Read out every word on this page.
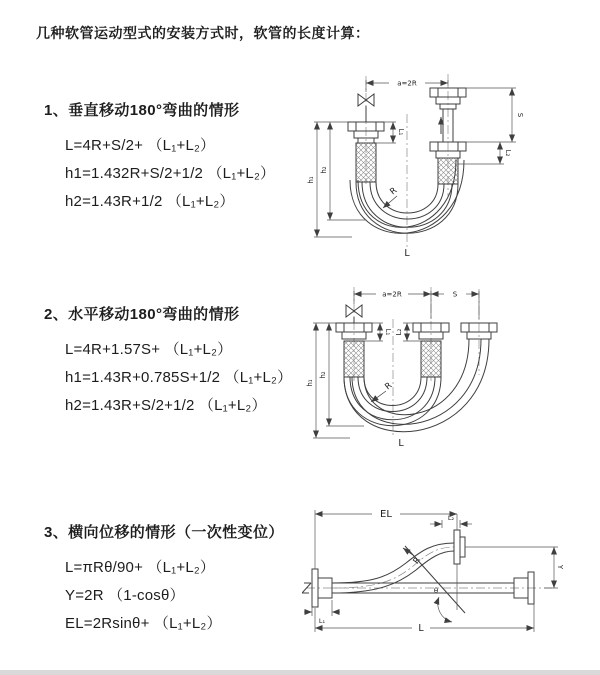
几种软管运动型式的安装方式时，软管的长度计算：
1、垂直移动180°弯曲的情形
L=4R+S/2+ （L₁+L₂）
h1=1.432R+S/2+1/2 （L₁+L₂）
h2=1.43R+1/2 （L₁+L₂）
a=2R
L₁
S
L₂
h₁
h₂
R
L
2、水平移动180°弯曲的情形
L=4R+1.57S+ （L₁+L₂）
h1=1.43R+0.785S+1/2 （L₁+L₂）
h2=1.43R+S/2+1/2 （L₁+L₂）
a=2R	S
L₁ L₂
h₁
h₂
R
L
3、横向位移的情形（一次性变位）
L=πRθ/90+ （L₁+L₂）
Y=2R （1-cosθ）
EL=2Rsinθ+ （L₁+L₂）
EL	L₂
Y
R
θ
L
L₁
